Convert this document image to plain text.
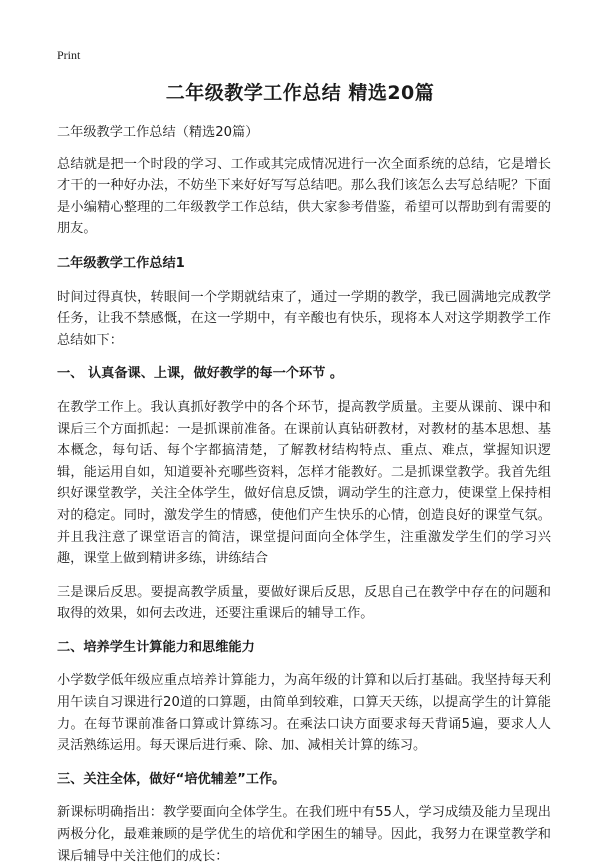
Print
二年级教学工作总结 精选20篇

二年级教学工作总结（精选20篇）

总结就是把一个时段的学习、工作或其完成情况进行一次全面系统的总结，它是增长才干的一种好办法，不妨坐下来好好写写总结吧。那么我们该怎么去写总结呢？下面是小编精心整理的二年级教学工作总结，供大家参考借鉴，希望可以帮助到有需要的朋友。

二年级教学工作总结1

时间过得真快，转眼间一个学期就结束了，通过一学期的教学，我已圆满地完成教学任务，让我不禁感慨，在这一学期中，有辛酸也有快乐，现将本人对这学期教学工作总结如下：

一、 认真备课、上课，做好教学的每一个环节 。

在教学工作上。我认真抓好教学中的各个环节，提高教学质量。主要从课前、课中和课后三个方面抓起：一是抓课前准备。在课前认真钻研教材，对教材的基本思想、基本概念，每句话、每个字都搞清楚，了解教材结构特点、重点、难点，掌握知识逻辑，能运用自如，知道要补充哪些资料，怎样才能教好。二是抓课堂教学。我首先组织好课堂教学，关注全体学生，做好信息反馈，调动学生的注意力，使课堂上保持相对的稳定。同时，激发学生的情感，使他们产生快乐的心情，创造良好的课堂气氛。并且我注意了课堂语言的简洁，课堂提问面向全体学生，注重激发学生们的学习兴趣，课堂上做到精讲多练，讲练结合

三是课后反思。要提高教学质量，要做好课后反思，反思自己在教学中存在的问题和取得的效果，如何去改进，还要注重课后的辅导工作。

二、培养学生计算能力和思维能力

小学数学低年级应重点培养计算能力，为高年级的计算和以后打基础。我坚持每天利用午读自习课进行20道的口算题，由简单到较难，口算天天练，以提高学生的计算能力。在每节课前准备口算或计算练习。在乘法口诀方面要求每天背诵5遍，要求人人灵活熟练运用。每天课后进行乘、除、加、减相关计算的练习。

三、关注全体，做好“培优辅差”工作。

新课标明确指出：教学要面向全体学生。在我们班中有55人，学习成绩及能力呈现出两极分化，最难兼顾的是学优生的培优和学困生的辅导。因此，我努力在课堂教学和课后辅导中关注他们的成长：
